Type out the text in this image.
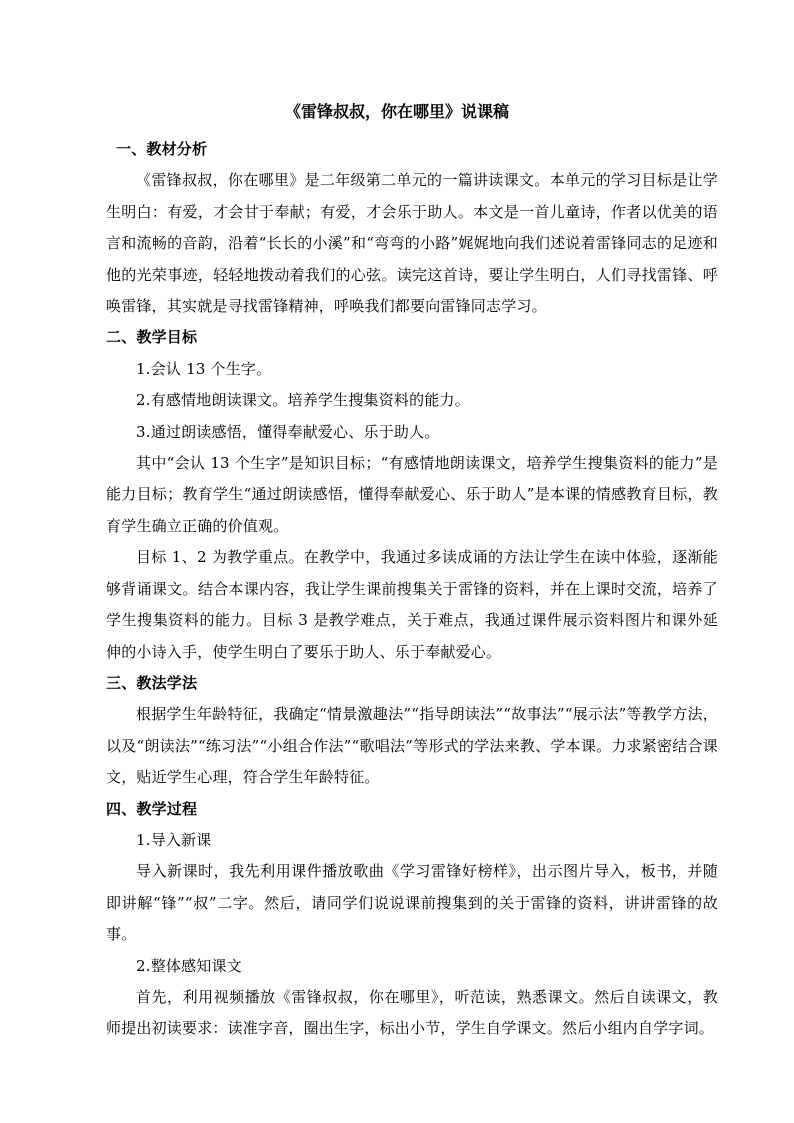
《雷锋叔叔，你在哪里》说课稿

一、教材分析

《雷锋叔叔，你在哪里》是二年级第二单元的一篇讲读课文。本单元的学习目标是让学生明白：有爱，才会甘于奉献；有爱，才会乐于助人。本文是一首儿童诗，作者以优美的语言和流畅的音韵，沿着“长长的小溪”和“弯弯的小路”娓娓地向我们述说着雷锋同志的足迹和他的光荣事迹，轻轻地拨动着我们的心弦。读完这首诗，要让学生明白，人们寻找雷锋、呼唤雷锋，其实就是寻找雷锋精神，呼唤我们都要向雷锋同志学习。

二、教学目标

1.会认 13 个生字。

2.有感情地朗读课文。培养学生搜集资料的能力。

3.通过朗读感悟，懂得奉献爱心、乐于助人。

其中“会认 13 个生字”是知识目标；“有感情地朗读课文，培养学生搜集资料的能力”是能力目标；教育学生“通过朗读感悟，懂得奉献爱心、乐于助人”是本课的情感教育目标，教育学生确立正确的价值观。

目标 1、2 为教学重点。在教学中，我通过多读成诵的方法让学生在读中体验，逐渐能够背诵课文。结合本课内容，我让学生课前搜集关于雷锋的资料，并在上课时交流，培养了学生搜集资料的能力。目标 3 是教学难点，关于难点，我通过课件展示资料图片和课外延伸的小诗入手，使学生明白了要乐于助人、乐于奉献爱心。

三、教法学法

根据学生年龄特征，我确定“情景激趣法”“指导朗读法”“故事法”“展示法”等教学方法，以及“朗读法”“练习法”“小组合作法”“歌唱法”等形式的学法来教、学本课。力求紧密结合课文，贴近学生心理，符合学生年龄特征。

四、教学过程

1.导入新课

导入新课时，我先利用课件播放歌曲《学习雷锋好榜样》，出示图片导入，板书，并随即讲解“锋”“叔”二字。然后，请同学们说说课前搜集到的关于雷锋的资料，讲讲雷锋的故事。

2.整体感知课文

首先，利用视频播放《雷锋叔叔，你在哪里》，听范读，熟悉课文。然后自读课文，教师提出初读要求：读准字音，圈出生字，标出小节，学生自学课文。然后小组内自学字词。
